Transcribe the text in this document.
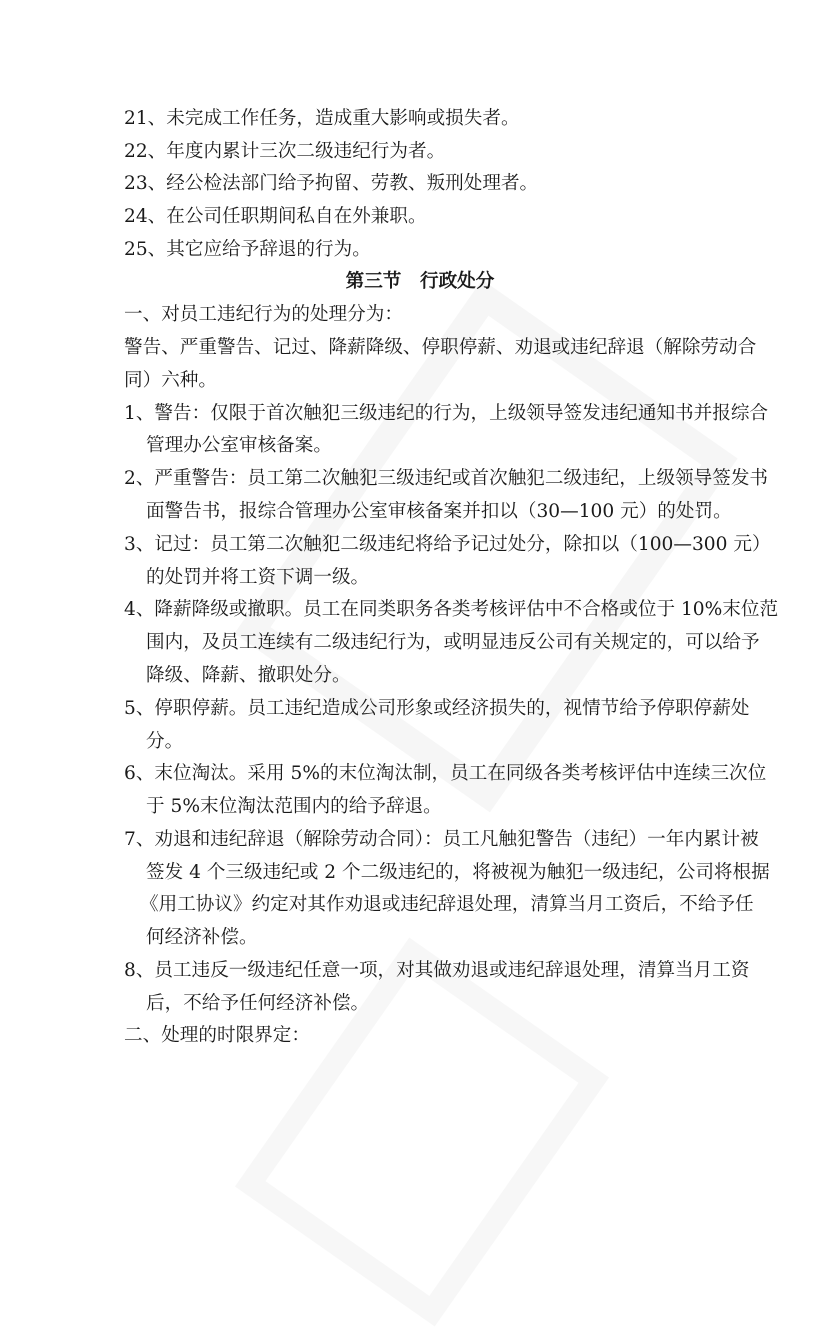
21、未完成工作任务，造成重大影响或损失者。
22、年度内累计三次二级违纪行为者。
23、经公检法部门给予拘留、劳教、叛刑处理者。
24、在公司任职期间私自在外兼职。
25、其它应给予辞退的行为。
第三节　行政处分
一、对员工违纪行为的处理分为：
警告、严重警告、记过、降薪降级、停职停薪、劝退或违纪辞退（解除劳动合
同）六种。
1、警告：仅限于首次触犯三级违纪的行为，上级领导签发违纪通知书并报综合
管理办公室审核备案。
2、严重警告：员工第二次触犯三级违纪或首次触犯二级违纪，上级领导签发书
面警告书，报综合管理办公室审核备案并扣以（30—100 元）的处罚。
3、记过：员工第二次触犯二级违纪将给予记过处分，除扣以（100—300 元）
的处罚并将工资下调一级。
4、降薪降级或撤职。员工在同类职务各类考核评估中不合格或位于 10%末位范
围内，及员工连续有二级违纪行为，或明显违反公司有关规定的，可以给予
降级、降薪、撤职处分。
5、停职停薪。员工违纪造成公司形象或经济损失的，视情节给予停职停薪处
分。
6、末位淘汰。采用 5%的末位淘汰制，员工在同级各类考核评估中连续三次位
于 5%末位淘汰范围内的给予辞退。
7、劝退和违纪辞退（解除劳动合同）：员工凡触犯警告（违纪）一年内累计被
签发 4 个三级违纪或 2 个二级违纪的，将被视为触犯一级违纪，公司将根据
《用工协议》约定对其作劝退或违纪辞退处理，清算当月工资后，不给予任
何经济补偿。
8、员工违反一级违纪任意一项，对其做劝退或违纪辞退处理，清算当月工资
后，不给予任何经济补偿。
二、处理的时限界定：
